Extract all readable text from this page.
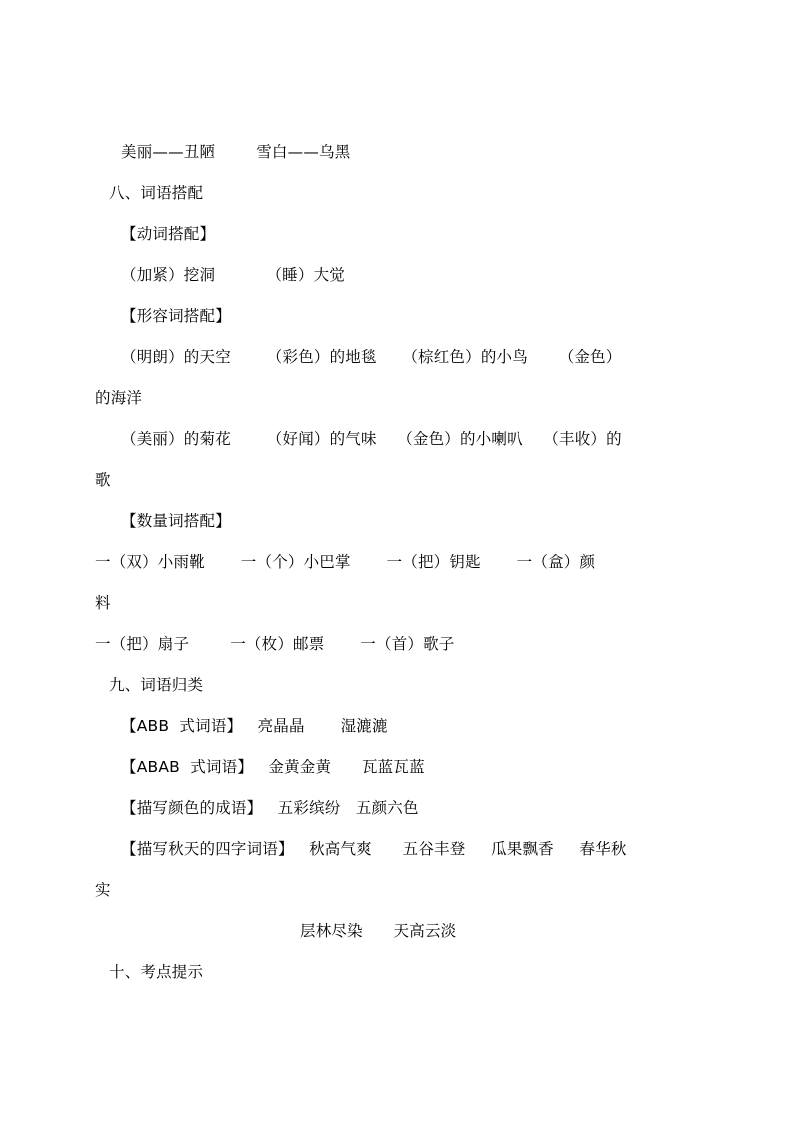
美丽——丑陋        雪白——乌黑
八、词语搭配
【动词搭配】
（加紧）挖洞          （睡）大觉
【形容词搭配】
（明朗）的天空       （彩色）的地毯     （棕红色）的小鸟      （金色）
的海洋
（美丽）的菊花       （好闻）的气味    （金色）的小喇叭    （丰收）的
歌
【数量词搭配】
一（双）小雨靴       一（个）小巴掌       一（把）钥匙       一（盒）颜
料
一（把）扇子        一（枚）邮票       一（首）歌子
九、词语归类
【ABB  式词语】   亮晶晶       湿漉漉
【ABAB  式词语】   金黄金黄      瓦蓝瓦蓝
【描写颜色的成语】   五彩缤纷   五颜六色
【描写秋天的四字词语】   秋高气爽      五谷丰登     瓜果飘香     春华秋
实
层林尽染      天高云淡
十、考点提示
